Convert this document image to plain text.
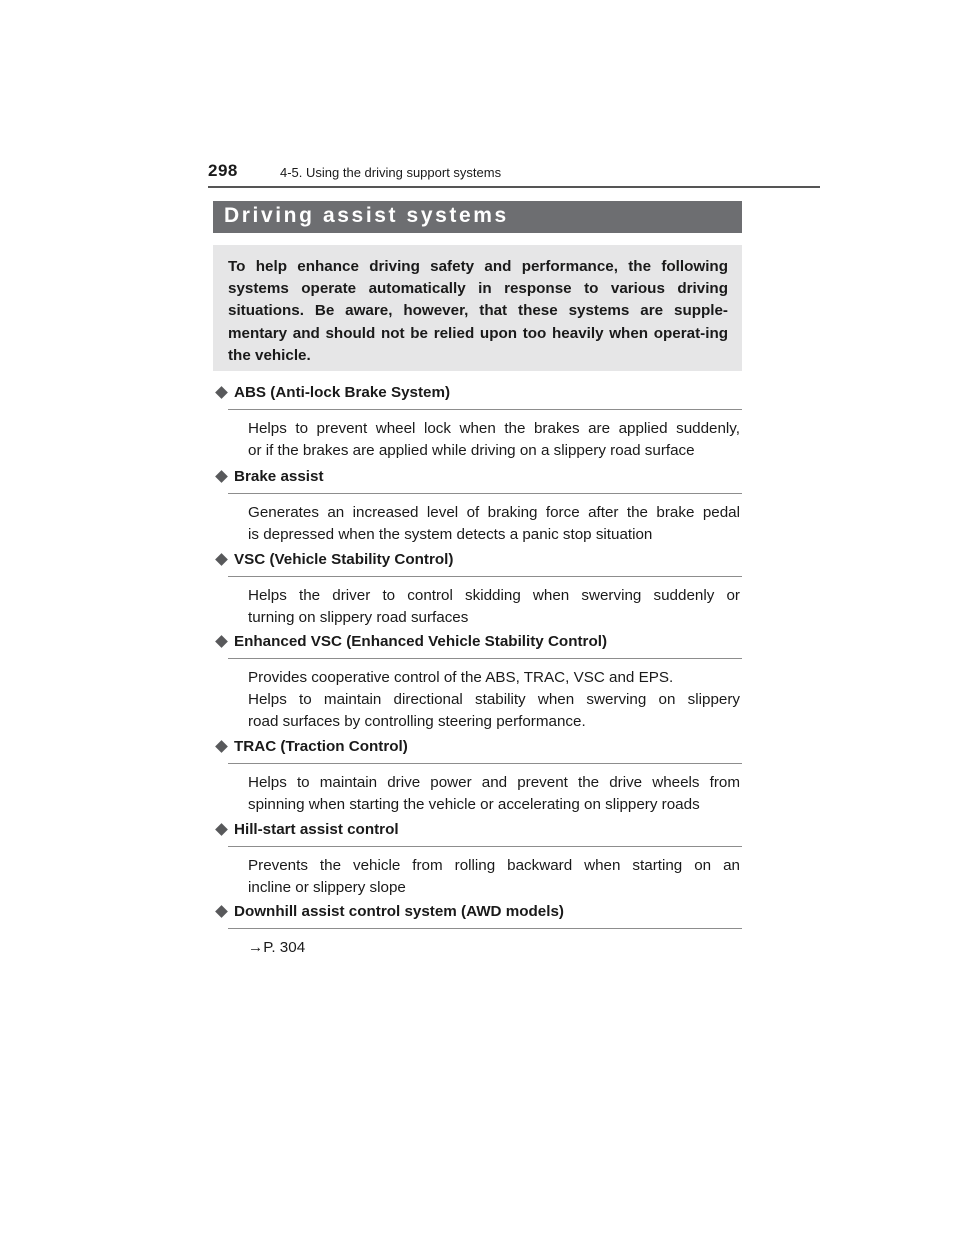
298	4-5. Using the driving support systems
Driving assist systems
To help enhance driving safety and performance, the following systems operate automatically in response to various driving situations. Be aware, however, that these systems are supple-mentary and should not be relied upon too heavily when operat-ing the vehicle.
ABS (Anti-lock Brake System)
Helps to prevent wheel lock when the brakes are applied suddenly,
or if the brakes are applied while driving on a slippery road surface
Brake assist
Generates an increased level of braking force after the brake pedal
is depressed when the system detects a panic stop situation
VSC (Vehicle Stability Control)
Helps the driver to control skidding when swerving suddenly or
turning on slippery road surfaces
Enhanced VSC (Enhanced Vehicle Stability Control)
Provides cooperative control of the ABS, TRAC, VSC and EPS.
Helps to maintain directional stability when swerving on slippery
road surfaces by controlling steering performance.
TRAC (Traction Control)
Helps to maintain drive power and prevent the drive wheels from
spinning when starting the vehicle or accelerating on slippery roads
Hill-start assist control
Prevents the vehicle from rolling backward when starting on an
incline or slippery slope
Downhill assist control system (AWD models)
→P. 304
